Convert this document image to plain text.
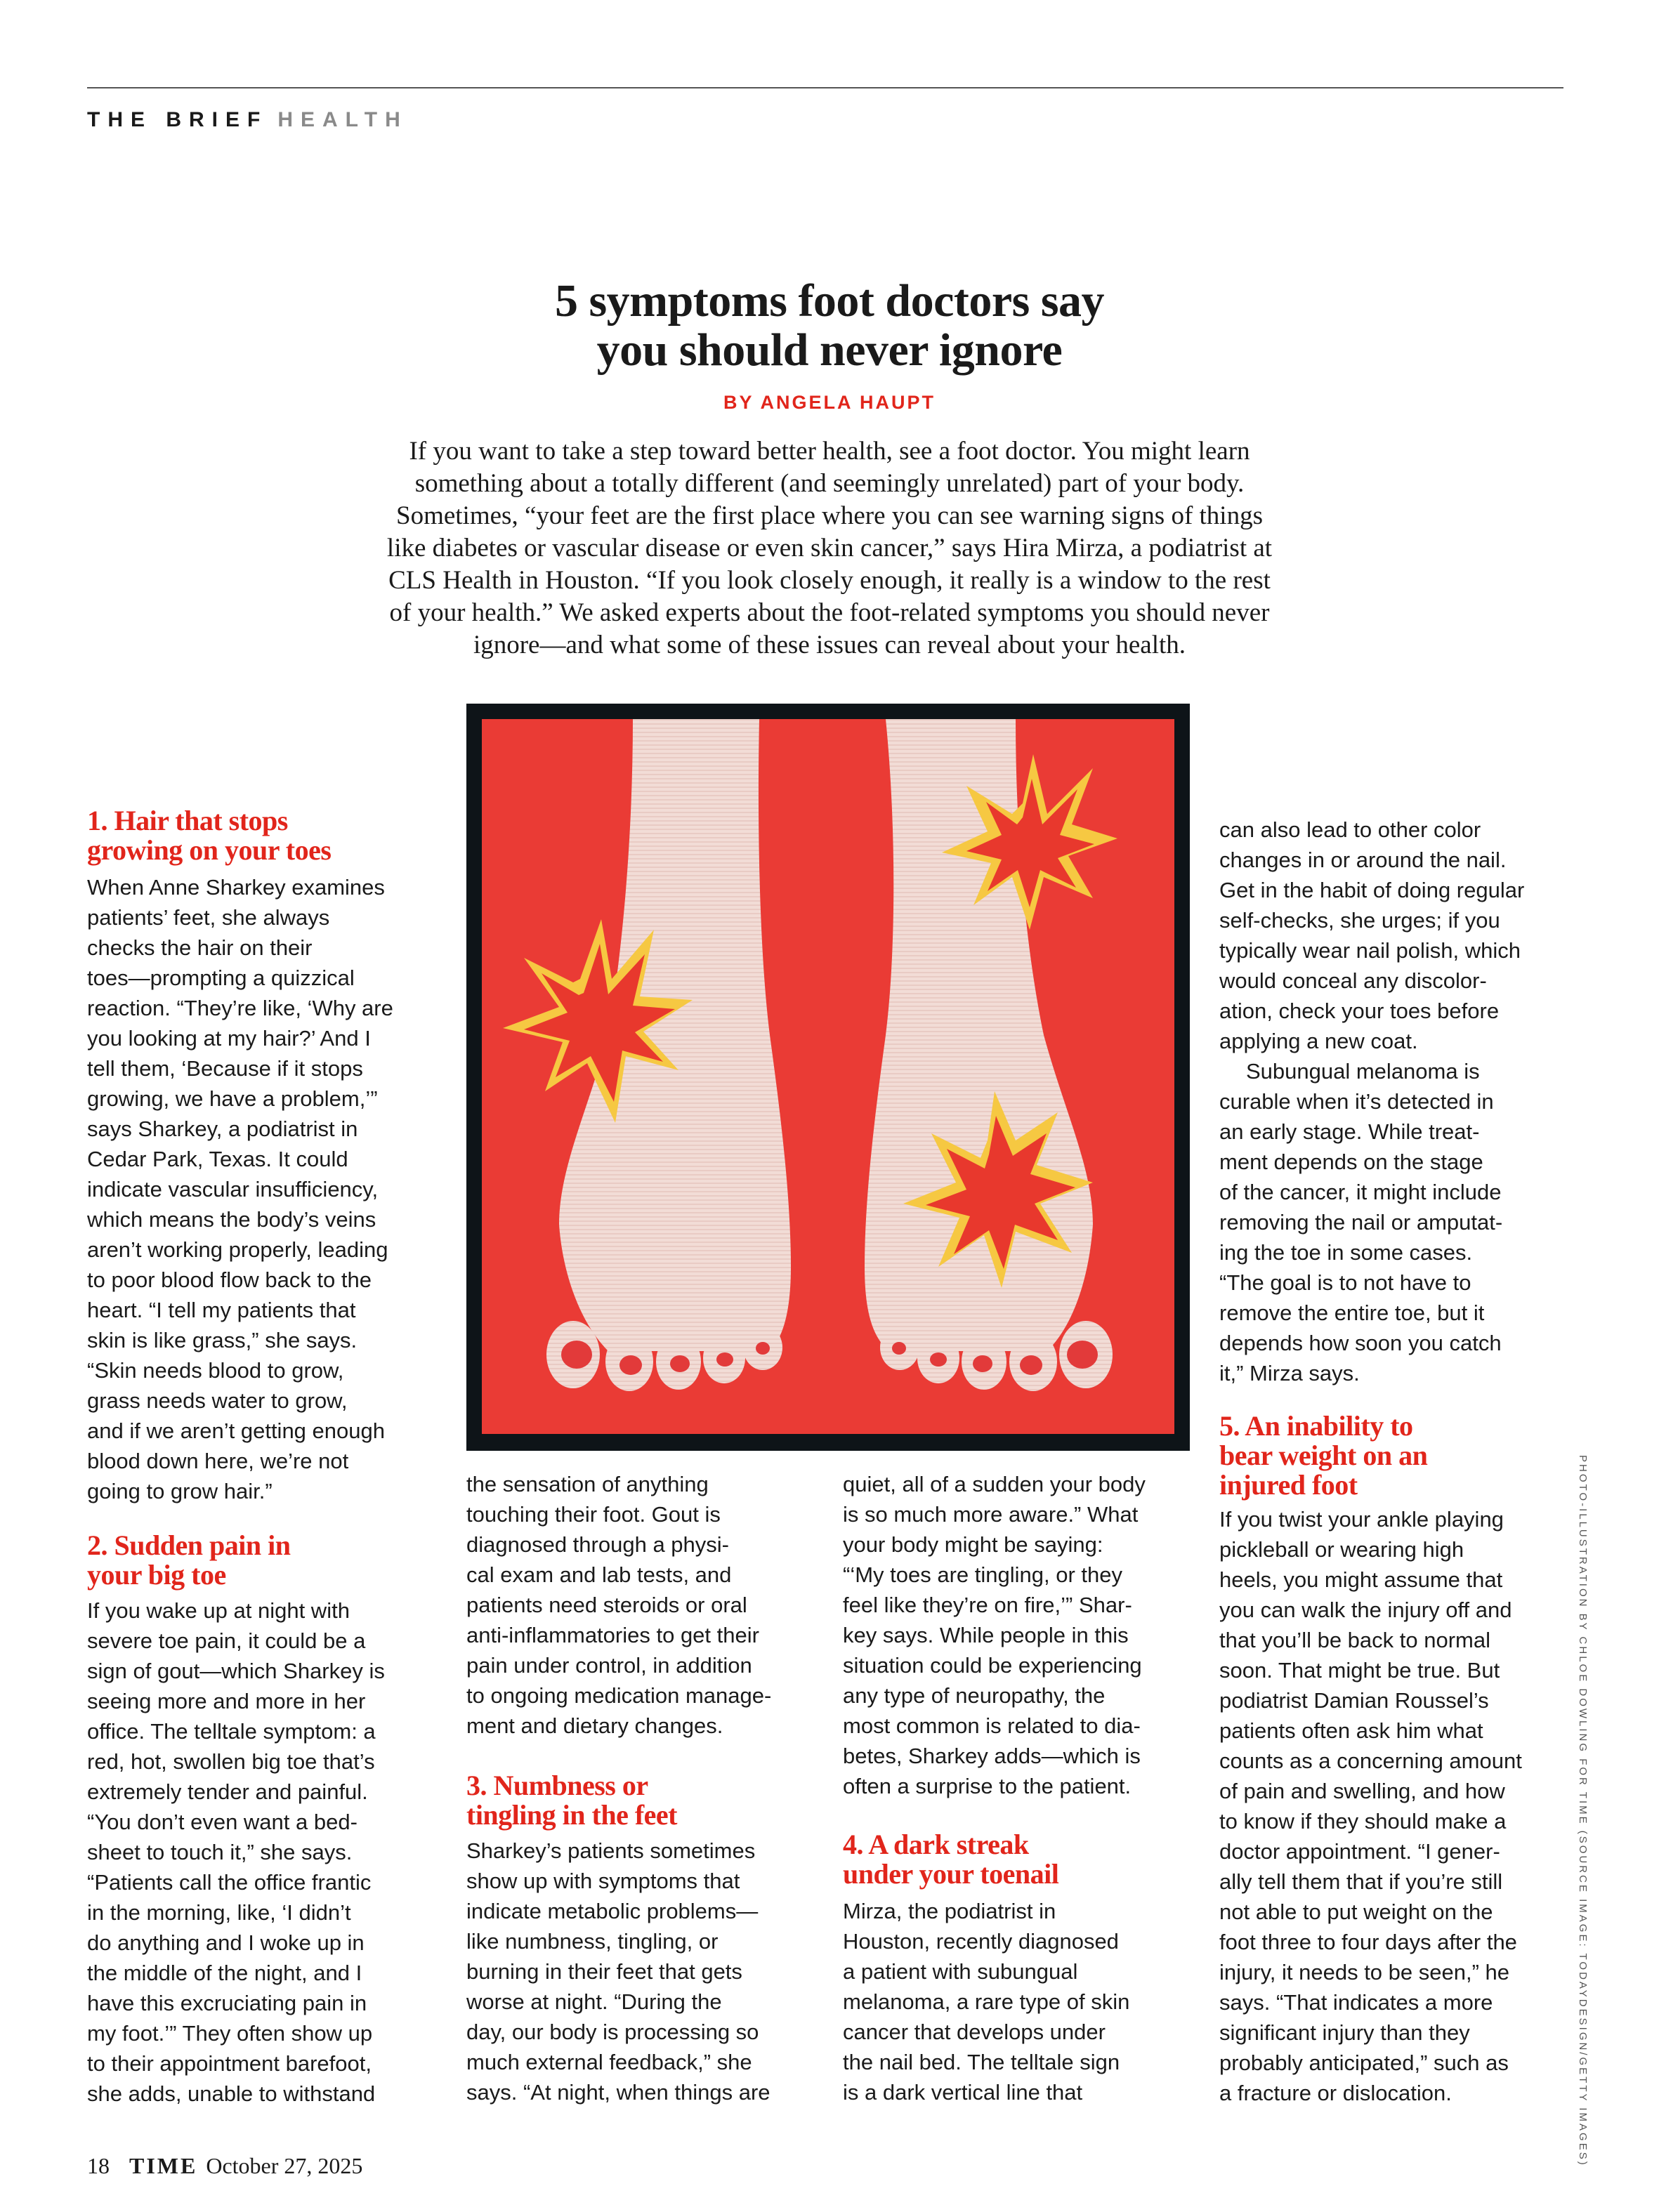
THE BRIEF HEALTH
5 symptoms foot doctors say
you should never ignore
BY ANGELA HAUPT
If you want to take a step toward better health, see a foot doctor. You might learn
something about a totally different (and seemingly unrelated) part of your body.
Sometimes, “your feet are the first place where you can see warning signs of things
like diabetes or vascular disease or even skin cancer,” says Hira Mirza, a podiatrist at
CLS Health in Houston. “If you look closely enough, it really is a window to the rest
of your health.” We asked experts about the foot-related symptoms you should never
ignore—and what some of these issues can reveal about your health.
1. Hair that stops
growing on your toes
When Anne Sharkey examines
patients’ feet, she always
checks the hair on their
toes—prompting a quizzical
reaction. “They’re like, ‘Why are
you looking at my hair?’ And I
tell them, ‘Because if it stops
growing, we have a problem,’”
says Sharkey, a podiatrist in
Cedar Park, Texas. It could
indicate vascular insufficiency,
which means the body’s veins
aren’t working properly, leading
to poor blood flow back to the
heart. “I tell my patients that
skin is like grass,” she says.
“Skin needs blood to grow,
grass needs water to grow,
and if we aren’t getting enough
blood down here, we’re not
going to grow hair.”
2. Sudden pain in
your big toe
If you wake up at night with
severe toe pain, it could be a
sign of gout—which Sharkey is
seeing more and more in her
office. The telltale symptom: a
red, hot, swollen big toe that’s
extremely tender and painful.
“You don’t even want a bed-
sheet to touch it,” she says.
“Patients call the office frantic
in the morning, like, ‘I didn’t
do anything and I woke up in
the middle of the night, and I
have this excruciating pain in
my foot.’” They often show up
to their appointment barefoot,
she adds, unable to withstand
the sensation of anything
touching their foot. Gout is
diagnosed through a physi-
cal exam and lab tests, and
patients need steroids or oral
anti-inflammatories to get their
pain under control, in addition
to ongoing medication manage-
ment and dietary changes.
3. Numbness or
tingling in the feet
Sharkey’s patients sometimes
show up with symptoms that
indicate metabolic problems—
like numbness, tingling, or
burning in their feet that gets
worse at night. “During the
day, our body is processing so
much external feedback,” she
says. “At night, when things are
quiet, all of a sudden your body
is so much more aware.” What
your body might be saying:
“‘My toes are tingling, or they
feel like they’re on fire,’” Shar-
key says. While people in this
situation could be experiencing
any type of neuropathy, the
most common is related to dia-
betes, Sharkey adds—which is
often a surprise to the patient.
4. A dark streak
under your toenail
Mirza, the podiatrist in
Houston, recently diagnosed
a patient with subungual
melanoma, a rare type of skin
cancer that develops under
the nail bed. The telltale sign
is a dark vertical line that
can also lead to other color
changes in or around the nail.
Get in the habit of doing regular
self-checks, she urges; if you
typically wear nail polish, which
would conceal any discolor-
ation, check your toes before
applying a new coat.
Subungual melanoma is
curable when it’s detected in
an early stage. While treat-
ment depends on the stage
of the cancer, it might include
removing the nail or amputat-
ing the toe in some cases.
“The goal is to not have to
remove the entire toe, but it
depends how soon you catch
it,” Mirza says.
5. An inability to
bear weight on an
injured foot
If you twist your ankle playing
pickleball or wearing high
heels, you might assume that
you can walk the injury off and
that you’ll be back to normal
soon. That might be true. But
podiatrist Damian Roussel’s
patients often ask him what
counts as a concerning amount
of pain and swelling, and how
to know if they should make a
doctor appointment. “I gener-
ally tell them that if you’re still
not able to put weight on the
foot three to four days after the
injury, it needs to be seen,” he
says. “That indicates a more
significant injury than they
probably anticipated,” such as
a fracture or dislocation.	PHOTO-ILLUSTRATION BY CHLOE DOWLING FOR TIME (SOURCE IMAGE: TODAYDESIGN/GETTY IMAGES)
18 TIME October 27, 2025
